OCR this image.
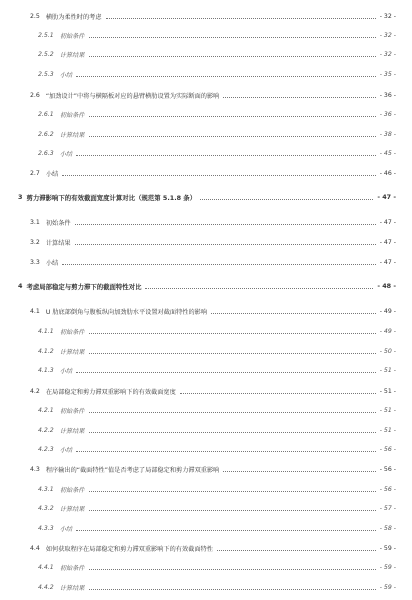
2.5 横肋为柔性时的考虑	- 32 -
2.5.1 初始条件	- 32 -
2.5.2 计算结果	- 32 -
2.5.3 小结	- 35 -
2.6 “加劲设计”中将与横隔板对应的悬臂横肋设置为实际断面的影响	- 36 -
2.6.1 初始条件	- 36 -
2.6.2 计算结果	- 38 -
2.6.3 小结	- 45 -
2.7 小结	- 46 -
3 剪力滞影响下的有效截面宽度计算对比（规范第 5.1.8 条）	- 47 -
3.1 初始条件	- 47 -
3.2 计算结果	- 47 -
3.3 小结	- 47 -
4 考虑局部稳定与剪力滞下的截面特性对比	- 48 -
4.1 U 肋底部倒角与腹板纵向加劲肋水平设置对截面特性的影响	- 49 -
4.1.1 初始条件	- 49 -
4.1.2 计算结果	- 50 -
4.1.3 小结	- 51 -
4.2 在局部稳定和剪力滞双重影响下的有效截面宽度	- 51 -
4.2.1 初始条件	- 51 -
4.2.2 计算结果	- 51 -
4.2.3 小结	- 56 -
4.3 程序输出的“截面特性”值是否考虑了局部稳定和剪力滞双重影响	- 56 -
4.3.1 初始条件	- 56 -
4.3.2 计算结果	- 57 -
4.3.3 小结	- 58 -
4.4 如何获取程序在局部稳定和剪力滞双重影响下的有效截面特性	- 59 -
4.4.1 初始条件	- 59 -
4.4.2 计算结果	- 59 -
